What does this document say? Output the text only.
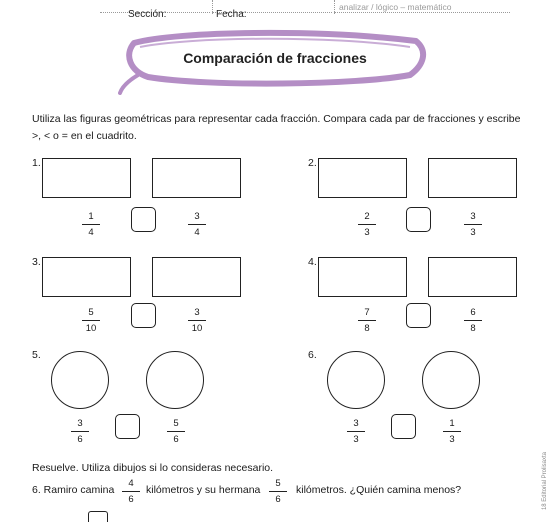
Sección:	Fecha:
analizar / lógico – matemático
Comparación de fracciones
Utiliza las figuras geométricas para representar cada fracción. Compara cada par de fracciones y escribe >, < o = en el cuadrito.
1.
1
4
3
4
2.
2
3
3
3
3.
5
10
3
10
4.
7
8
6
8
5.
3
6
5
6
6.
3
3
1
3
Resuelve. Utiliza dibujos si lo consideras necesario.
6. Ramiro camina
4
6
kilómetros y su hermana
5
6
kilómetros. ¿Quién camina menos?	18 Editorial Prolisaxta
